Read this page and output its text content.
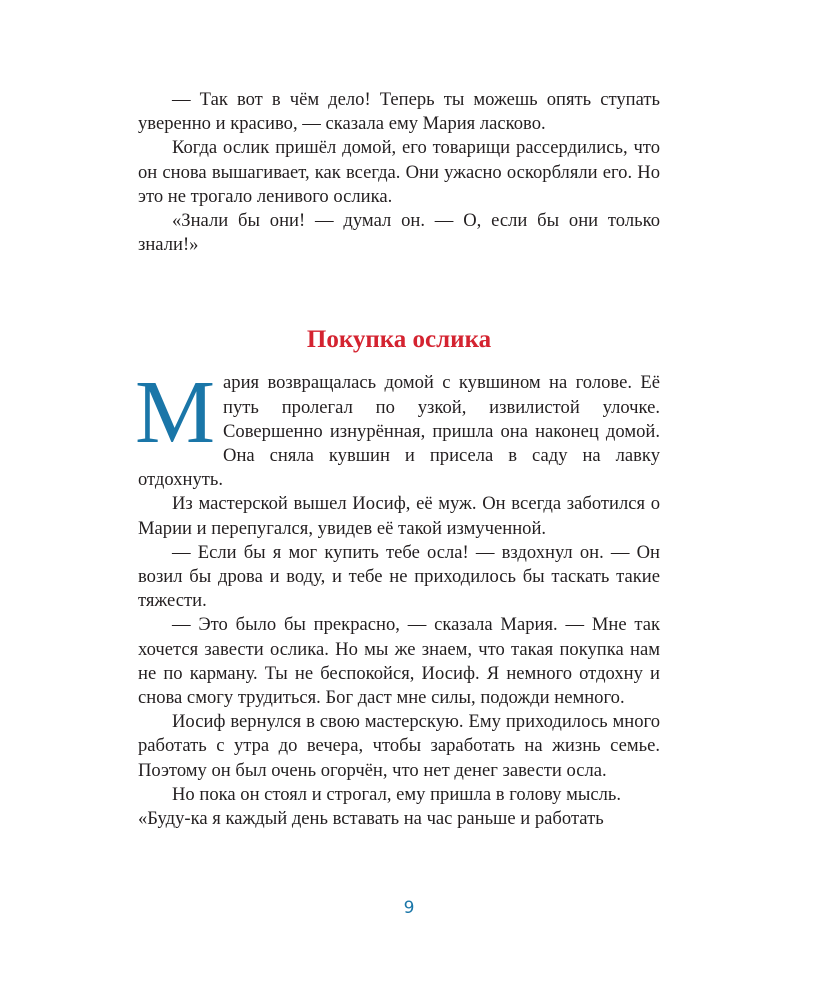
— Так вот в чём дело! Теперь ты можешь опять ступать уверенно и красиво, — сказала ему Мария ласково.

Когда ослик пришёл домой, его товарищи рассердились, что он снова вышагивает, как всегда. Они ужасно оскорбляли его. Но это не трогало ленивого ослика.

«Знали бы они! — думал он. — О, если бы они только знали!»

Покупка ослика

Мария возвращалась домой с кувшином на голове. Её путь пролегал по узкой, извилистой улочке. Совершенно изнурённая, пришла она наконец домой. Она сняла кувшин и присела в саду на лавку отдохнуть.

Из мастерской вышел Иосиф, её муж. Он всегда заботился о Марии и перепугался, увидев её такой измученной.

— Если бы я мог купить тебе осла! — вздохнул он. — Он возил бы дрова и воду, и тебе не приходилось бы таскать такие тяжести.

— Это было бы прекрасно, — сказала Мария. — Мне так хочется завести ослика. Но мы же знаем, что такая покупка нам не по карману. Ты не беспокойся, Иосиф. Я немного отдохну и снова смогу трудиться. Бог даст мне силы, подожди немного.

Иосиф вернулся в свою мастерскую. Ему приходилось много работать с утра до вечера, чтобы заработать на жизнь семье. Поэтому он был очень огорчён, что нет денег завести осла.

Но пока он стоял и строгал, ему пришла в голову мысль.

«Буду-ка я каждый день вставать на час раньше и работать

9
